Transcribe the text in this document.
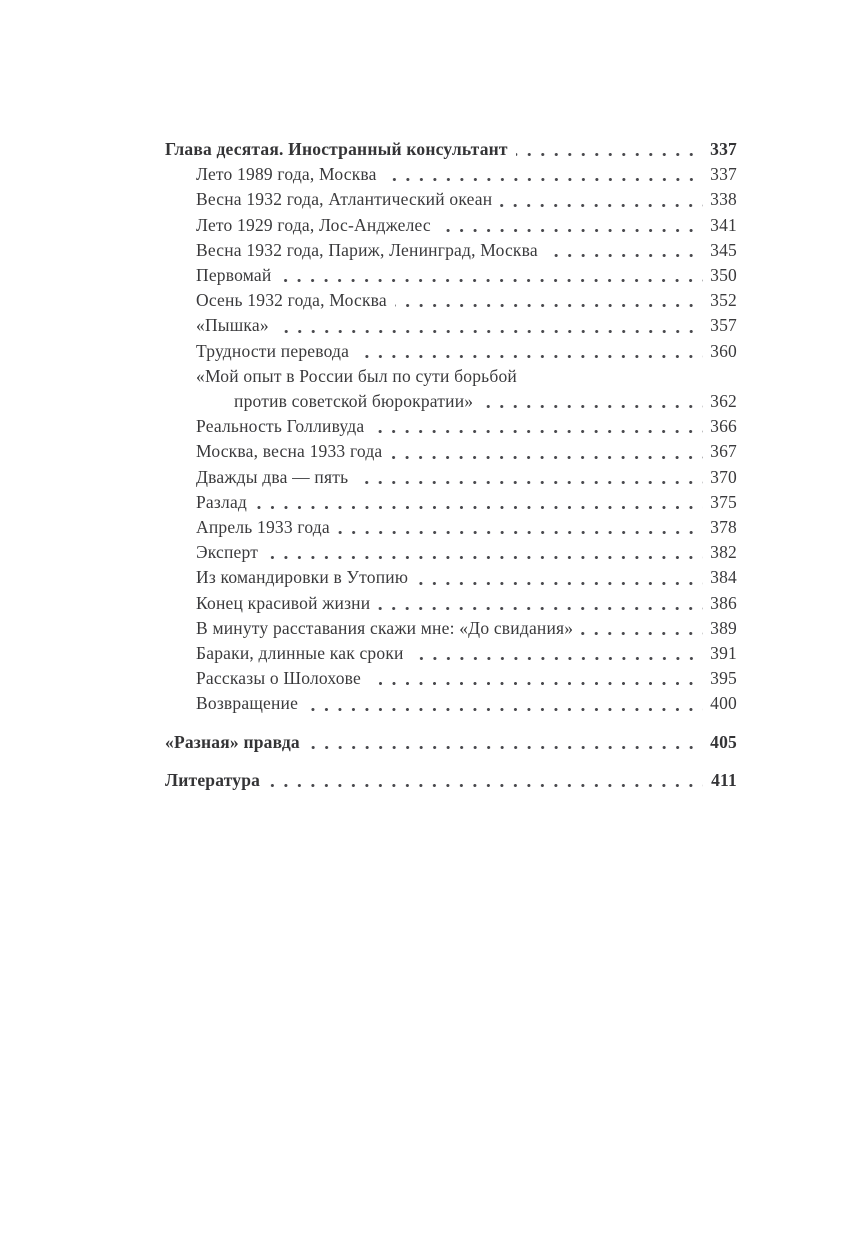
Глава десятая. Иностранный консультант	337
Лето 1989 года, Москва	337
Весна 1932 года, Атлантический океан	338
Лето 1929 года, Лос-Анджелес	341
Весна 1932 года, Париж, Ленинград, Москва	345
Первомай	350
Осень 1932 года, Москва	352
«Пышка»	357
Трудности перевода	360
«Мой опыт в России был по сути борьбой
против советской бюрократии»	362
Реальность Голливуда	366
Москва, весна 1933 года	367
Дважды два — пять	370
Разлад	375
Апрель 1933 года	378
Эксперт	382
Из командировки в Утопию	384
Конец красивой жизни	386
В минуту расставания скажи мне: «До свидания»	389
Бараки, длинные как сроки	391
Рассказы о Шолохове	395
Возвращение	400
«Разная» правда	405
Литература	411
